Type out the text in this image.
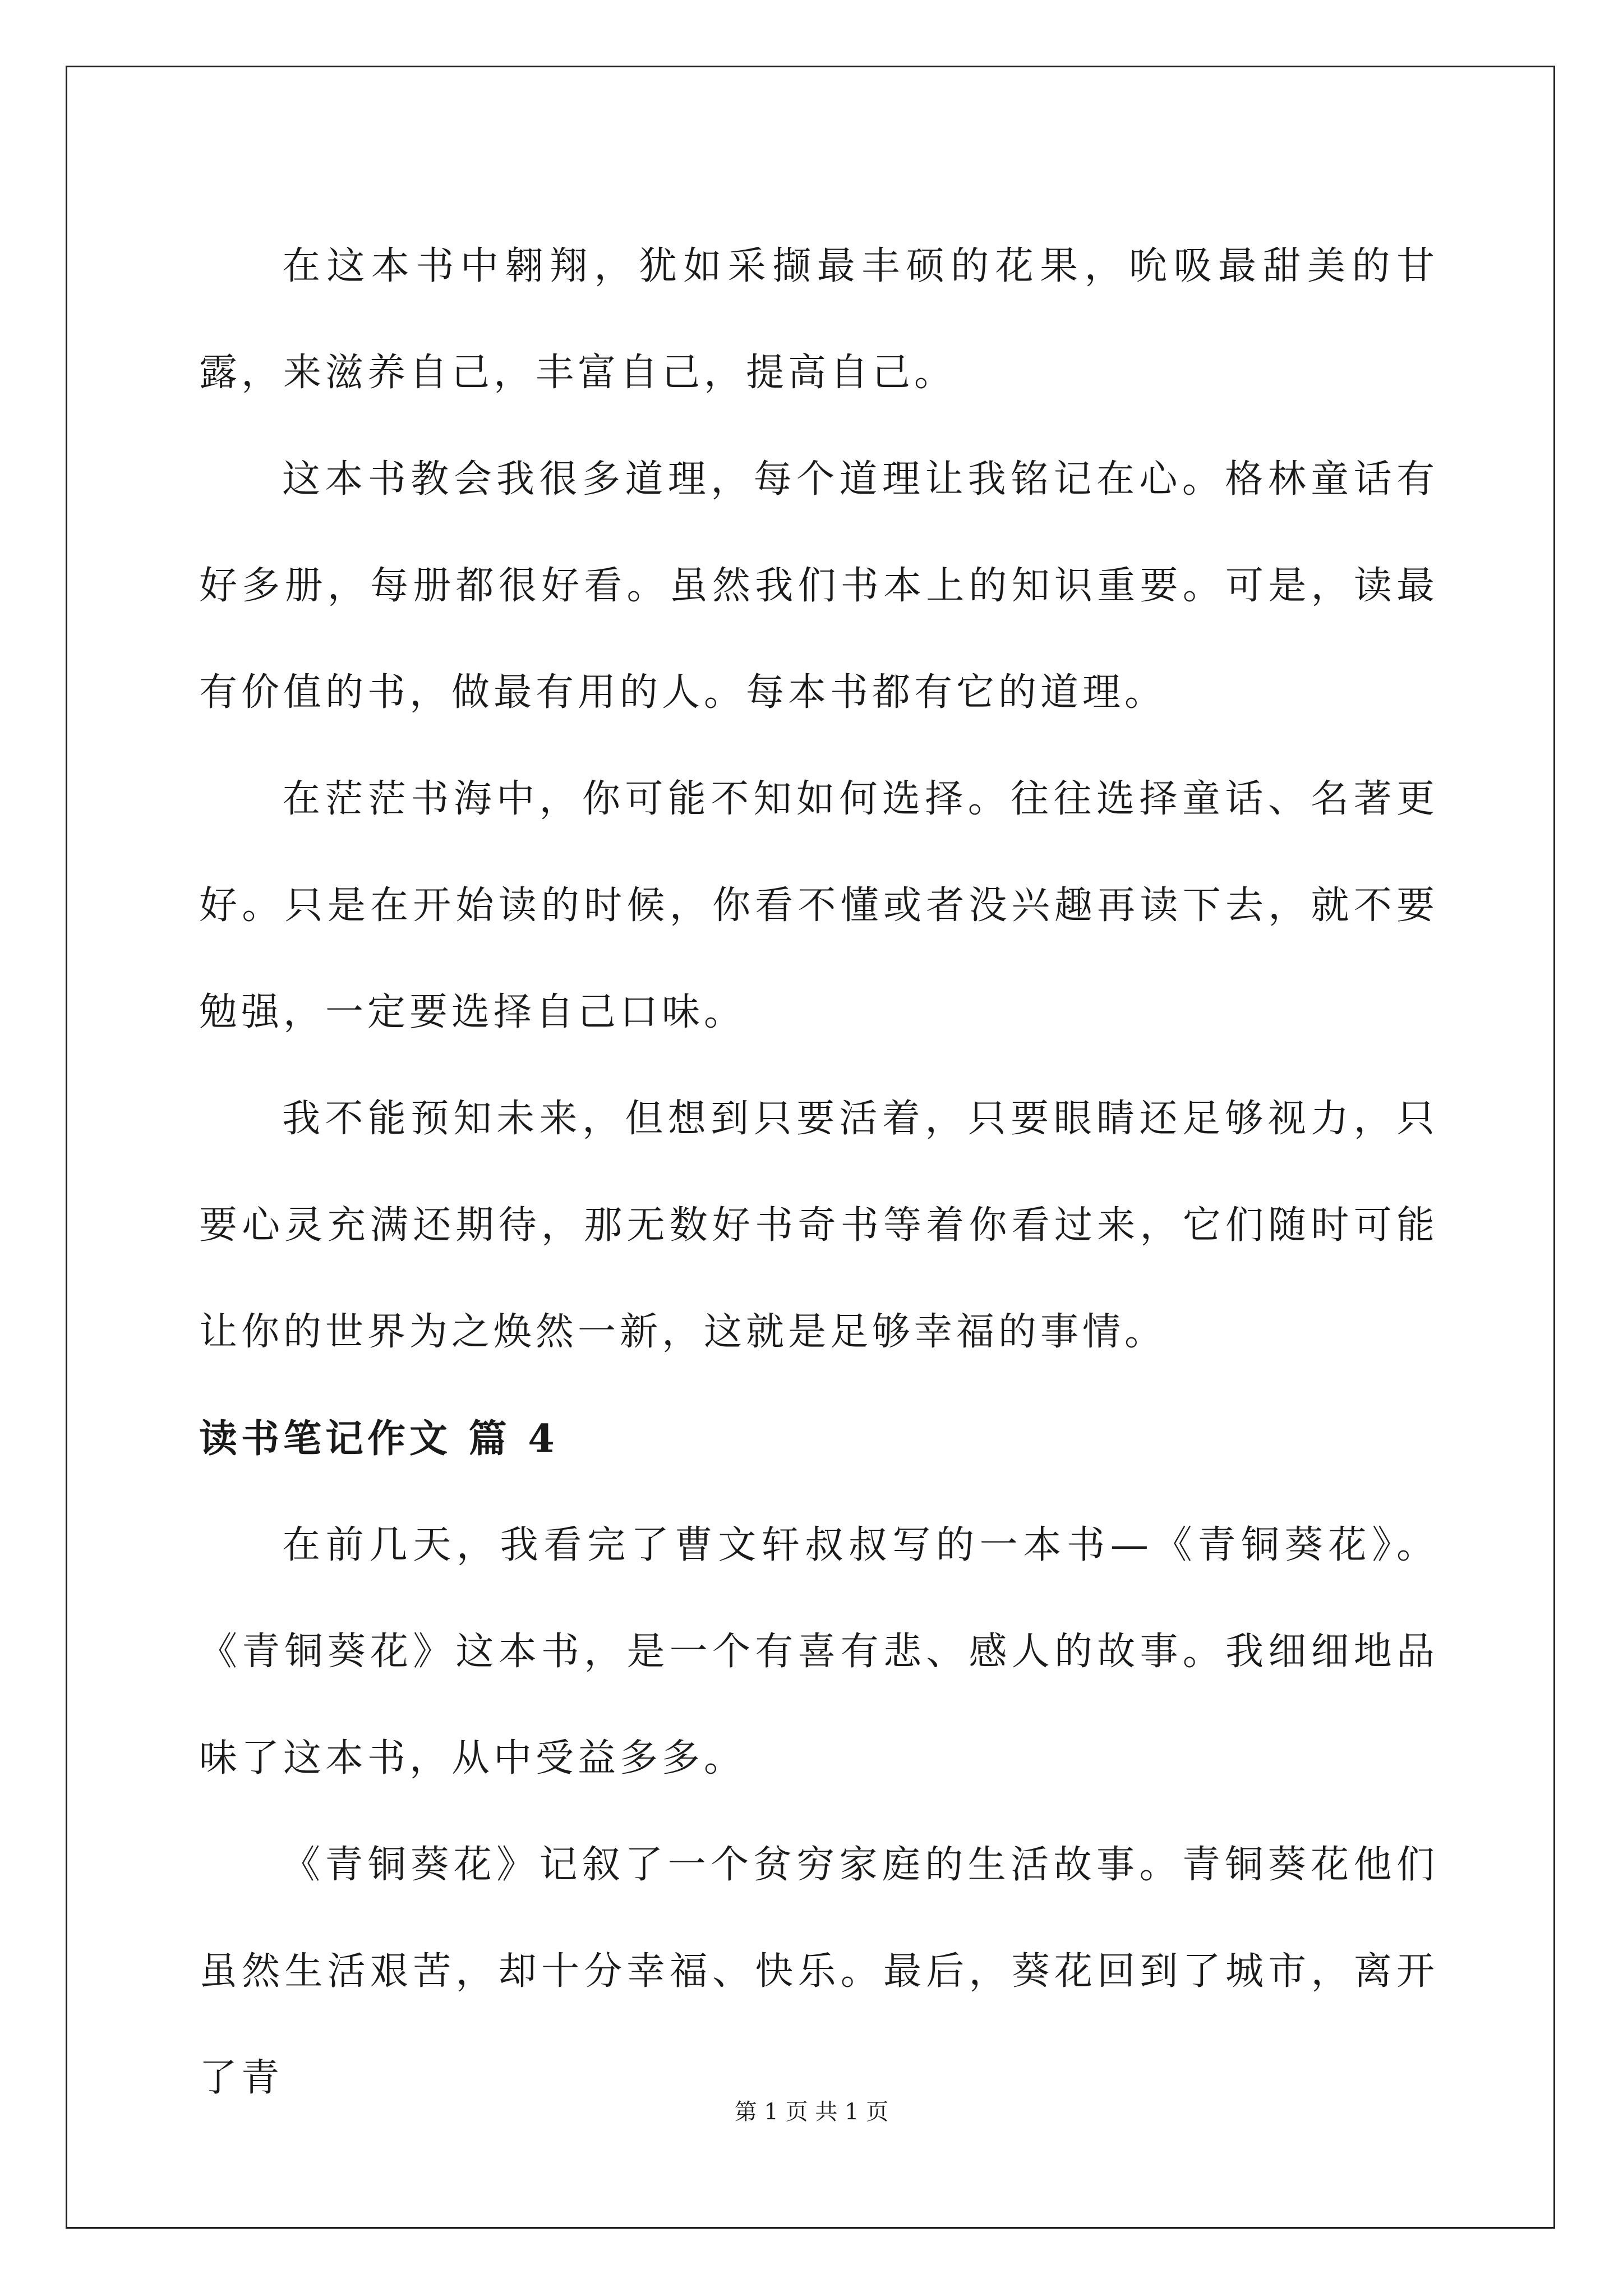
在这本书中翱翔，犹如采撷最丰硕的花果，吮吸最甜美的甘露，来滋养自己，丰富自己，提高自己。

这本书教会我很多道理，每个道理让我铭记在心。格林童话有好多册，每册都很好看。虽然我们书本上的知识重要。可是，读最有价值的书，做最有用的人。每本书都有它的道理。

在茫茫书海中，你可能不知如何选择。往往选择童话、名著更好。只是在开始读的时候，你看不懂或者没兴趣再读下去，就不要勉强，一定要选择自己口味。

我不能预知未来，但想到只要活着，只要眼睛还足够视力，只要心灵充满还期待，那无数好书奇书等着你看过来，它们随时可能让你的世界为之焕然一新，这就是足够幸福的事情。

读书笔记作文 篇 4

在前几天，我看完了曹文轩叔叔写的一本书—《青铜葵花》。《青铜葵花》这本书，是一个有喜有悲、感人的故事。我细细地品味了这本书，从中受益多多。

《青铜葵花》记叙了一个贫穷家庭的生活故事。青铜葵花他们虽然生活艰苦，却十分幸福、快乐。最后，葵花回到了城市，离开了青

第 1 页 共 1 页
